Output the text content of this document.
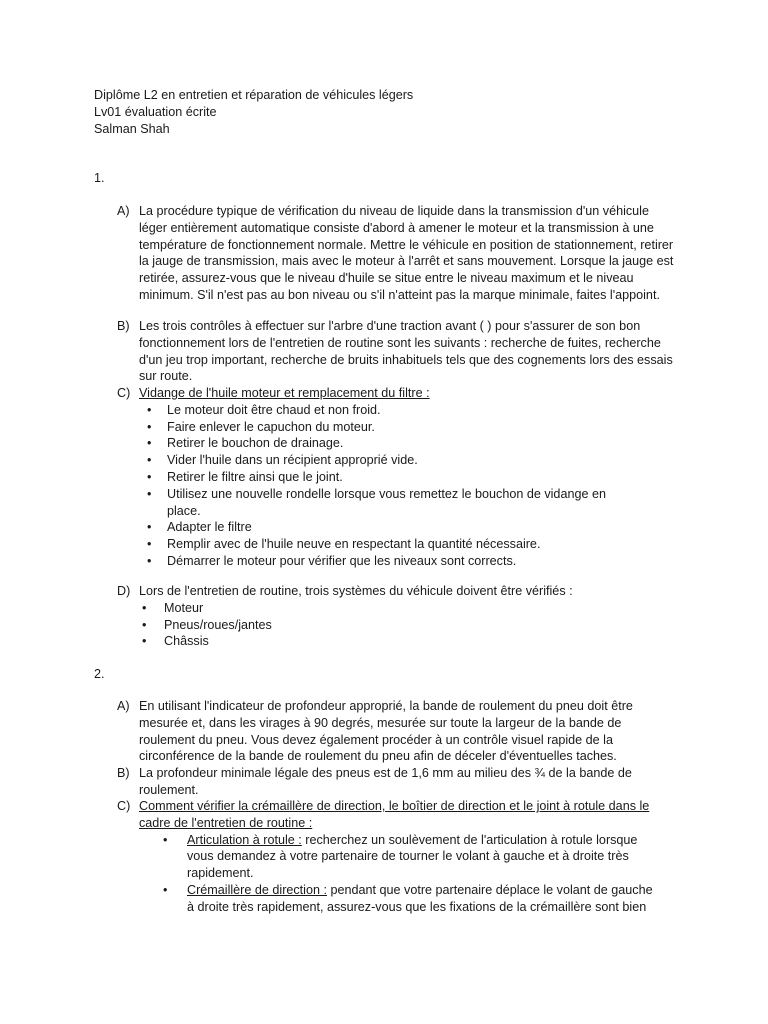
Diplôme L2 en entretien et réparation de véhicules légers
Lv01 évaluation écrite
Salman Shah
1.
A) La procédure typique de vérification du niveau de liquide dans la transmission d'un véhicule léger entièrement automatique consiste d'abord à amener le moteur et la transmission à une température de fonctionnement normale. Mettre le véhicule en position de stationnement, retirer la jauge de transmission, mais avec le moteur à l'arrêt et sans mouvement. Lorsque la jauge est retirée, assurez-vous que le niveau d'huile se situe entre le niveau maximum et le niveau minimum. S'il n'est pas au bon niveau ou s'il n'atteint pas la marque minimale, faites l'appoint.
B) Les trois contrôles à effectuer sur l'arbre d'une traction avant ( ) pour s'assurer de son bon fonctionnement lors de l'entretien de routine sont les suivants : recherche de fuites, recherche d'un jeu trop important, recherche de bruits inhabituels tels que des cognements lors des essais sur route.
C) Vidange de l'huile moteur et remplacement du filtre :
• Le moteur doit être chaud et non froid.
• Faire enlever le capuchon du moteur.
• Retirer le bouchon de drainage.
• Vider l'huile dans un récipient approprié vide.
• Retirer le filtre ainsi que le joint.
• Utilisez une nouvelle rondelle lorsque vous remettez le bouchon de vidange en place.
• Adapter le filtre
• Remplir avec de l'huile neuve en respectant la quantité nécessaire.
• Démarrer le moteur pour vérifier que les niveaux sont corrects.
D) Lors de l'entretien de routine, trois systèmes du véhicule doivent être vérifiés :
• Moteur
• Pneus/roues/jantes
• Châssis
2.
A) En utilisant l'indicateur de profondeur approprié, la bande de roulement du pneu doit être mesurée et, dans les virages à 90 degrés, mesurée sur toute la largeur de la bande de roulement du pneu. Vous devez également procéder à un contrôle visuel rapide de la circonférence de la bande de roulement du pneu afin de déceler d'éventuelles taches.
B) La profondeur minimale légale des pneus est de 1,6 mm au milieu des ¾ de la bande de roulement.
C) Comment vérifier la crémaillère de direction, le boîtier de direction et le joint à rotule dans le cadre de l'entretien de routine :
• Articulation à rotule : recherchez un soulèvement de l'articulation à rotule lorsque vous demandez à votre partenaire de tourner le volant à gauche et à droite très rapidement.
• Crémaillère de direction : pendant que votre partenaire déplace le volant de gauche à droite très rapidement, assurez-vous que les fixations de la crémaillère sont bien
